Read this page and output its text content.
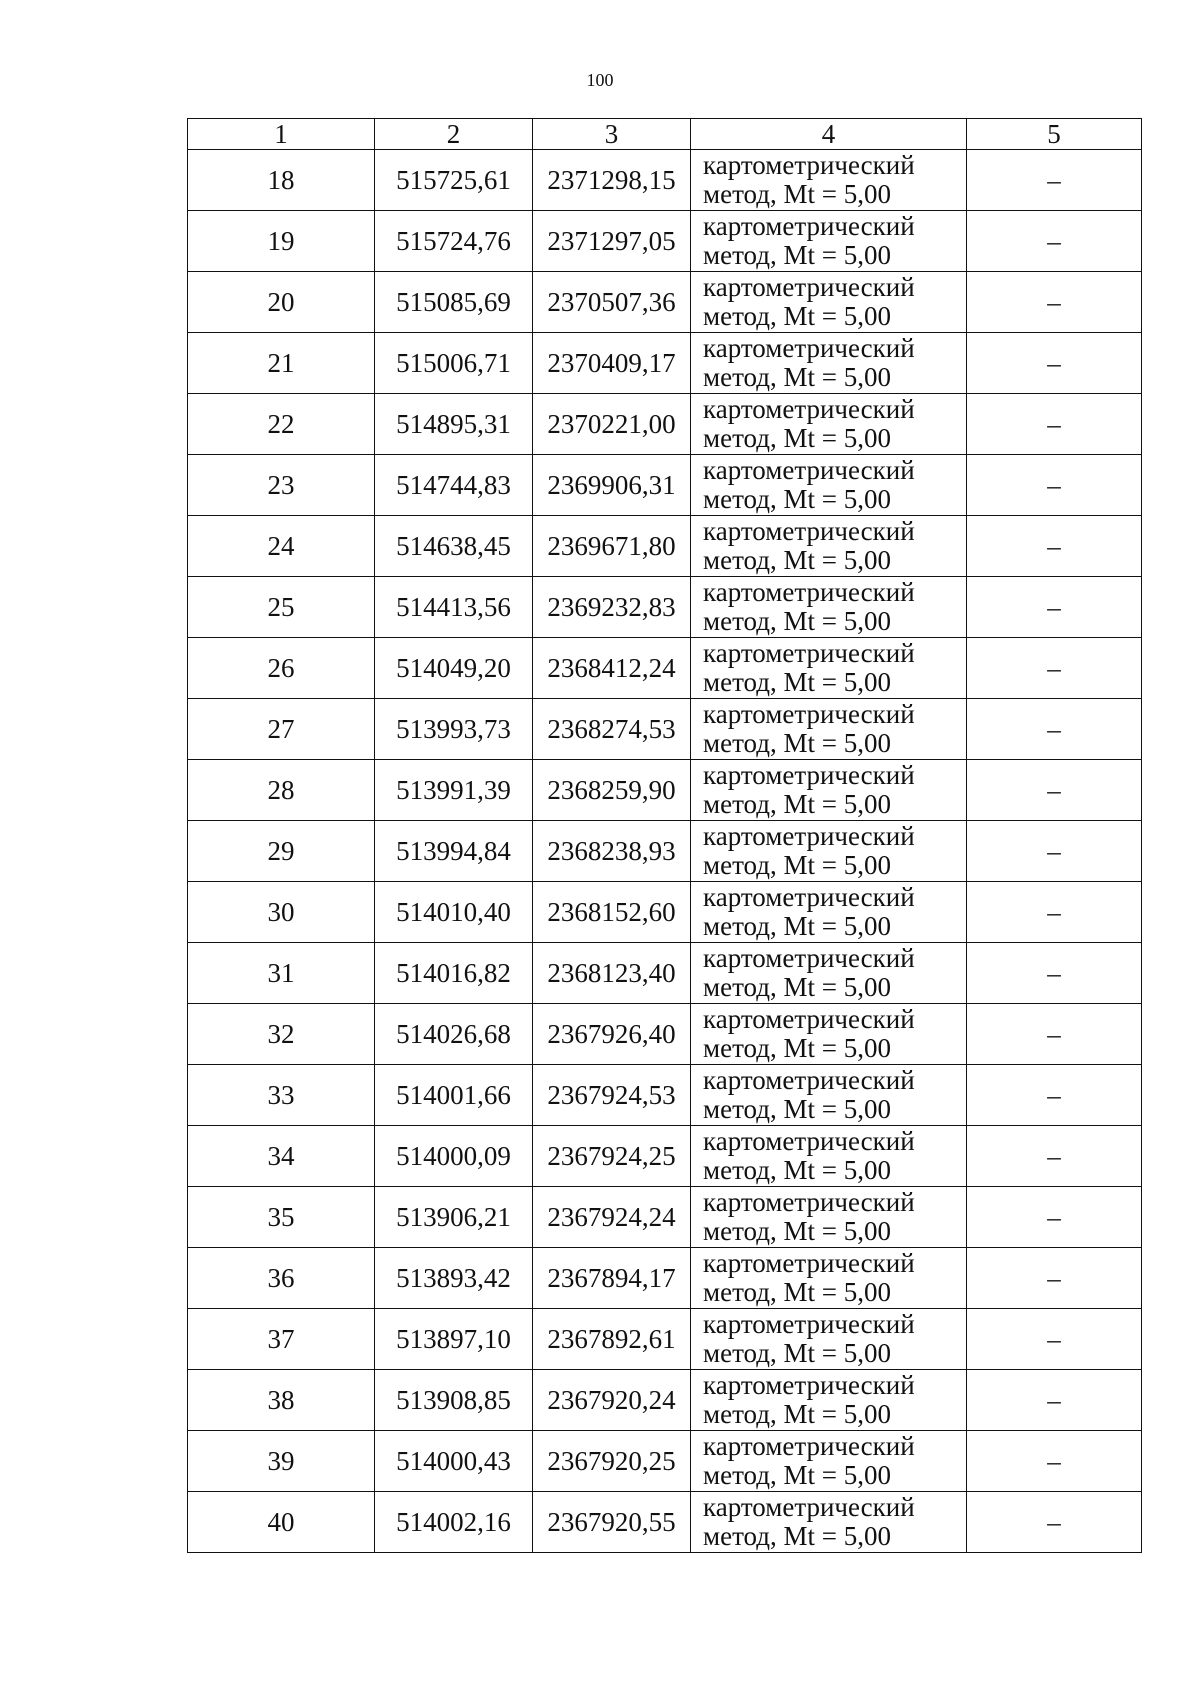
100
1	2	3	4	5
18	515725,61	2371298,15	картометрический
метод, Mt = 5,00	–
19	515724,76	2371297,05	картометрический
метод, Mt = 5,00	–
20	515085,69	2370507,36	картометрический
метод, Mt = 5,00	–
21	515006,71	2370409,17	картометрический
метод, Mt = 5,00	–
22	514895,31	2370221,00	картометрический
метод, Mt = 5,00	–
23	514744,83	2369906,31	картометрический
метод, Mt = 5,00	–
24	514638,45	2369671,80	картометрический
метод, Mt = 5,00	–
25	514413,56	2369232,83	картометрический
метод, Mt = 5,00	–
26	514049,20	2368412,24	картометрический
метод, Mt = 5,00	–
27	513993,73	2368274,53	картометрический
метод, Mt = 5,00	–
28	513991,39	2368259,90	картометрический
метод, Mt = 5,00	–
29	513994,84	2368238,93	картометрический
метод, Mt = 5,00	–
30	514010,40	2368152,60	картометрический
метод, Mt = 5,00	–
31	514016,82	2368123,40	картометрический
метод, Mt = 5,00	–
32	514026,68	2367926,40	картометрический
метод, Mt = 5,00	–
33	514001,66	2367924,53	картометрический
метод, Mt = 5,00	–
34	514000,09	2367924,25	картометрический
метод, Mt = 5,00	–
35	513906,21	2367924,24	картометрический
метод, Mt = 5,00	–
36	513893,42	2367894,17	картометрический
метод, Mt = 5,00	–
37	513897,10	2367892,61	картометрический
метод, Mt = 5,00	–
38	513908,85	2367920,24	картометрический
метод, Mt = 5,00	–
39	514000,43	2367920,25	картометрический
метод, Mt = 5,00	–
40	514002,16	2367920,55	картометрический
метод, Mt = 5,00	–
